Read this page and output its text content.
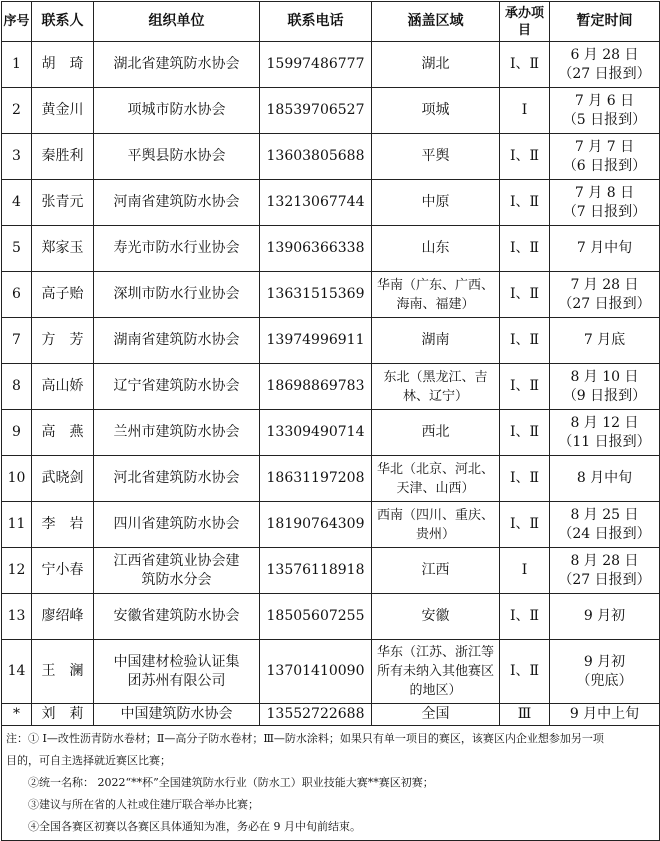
序号	联系人	组织单位	联系电话	涵盖区域	承办项目	暂定时间
1	胡　琦	湖北省建筑防水协会	15997486777	湖北	Ⅰ、Ⅱ	6 月 28 日
（27 日报到）

2	黄金川	项城市防水协会	18539706527	项城	Ⅰ	7 月 6 日
（5 日报到）

3	秦胜利	平舆县防水协会	13603805688	平舆	Ⅰ、Ⅱ	7 月 7 日
（6 日报到）

4	张青元	河南省建筑防水协会	13213067744	中原	Ⅰ、Ⅱ	7 月 8 日
（7 日报到）

5	郑家玉	寿光市防水行业协会	13906366338	山东	Ⅰ、Ⅱ	7 月中旬
6	高子贻	深圳市防水行业协会	13631515369	华南（广东、广西、
海南、福建）	Ⅰ、Ⅱ	7 月 28 日
（27 日报到）

7	方　芳	湖南省建筑防水协会	13974996911	湖南	Ⅰ、Ⅱ	7 月底
8	高山娇	辽宁省建筑防水协会	18698869783	东北（黑龙江、吉
林、辽宁）	Ⅰ、Ⅱ	8 月 10 日
（9 日报到）

9	高　燕	兰州市建筑防水协会	13309490714	西北	Ⅰ、Ⅱ	8 月 12 日
（11 日报到）

10	武晓剑	河北省建筑防水协会	18631197208	华北（北京、河北、
天津、山西）	Ⅰ、Ⅱ	8 月中旬
11	李　岩	四川省建筑防水协会	18190764309	西南（四川、重庆、
贵州）	Ⅰ、Ⅱ	8 月 25 日
（24 日报到）

12	宁小春	江西省建筑业协会建
筑防水分会	13576118918	江西	Ⅰ	8 月 28 日
（27 日报到）

13	廖绍峰	安徽省建筑防水协会	18505607255	安徽	Ⅰ、Ⅱ	9 月初
14	王　澜	中国建材检验认证集
团苏州有限公司	13701410090	华东（江苏、浙江等
所有未纳入其他赛区
的地区）	Ⅰ、Ⅱ	9 月初
（兜底）

*	刘　莉	中国建筑防水协会	13552722688	全国	Ⅲ	9 月中上旬

注：① Ⅰ—改性沥青防水卷材；Ⅱ—高分子防水卷材；Ⅲ—防水涂料；如果只有单一项目的赛区，该赛区内企业想参加另一项
目的，可自主选择就近赛区比赛；
②统一名称： 2022“**杯”全国建筑防水行业（防水工）职业技能大赛**赛区初赛；
③建议与所在省的人社或住建厅联合举办比赛；
④全国各赛区初赛以各赛区具体通知为准，务必在 9 月中旬前结束。						
